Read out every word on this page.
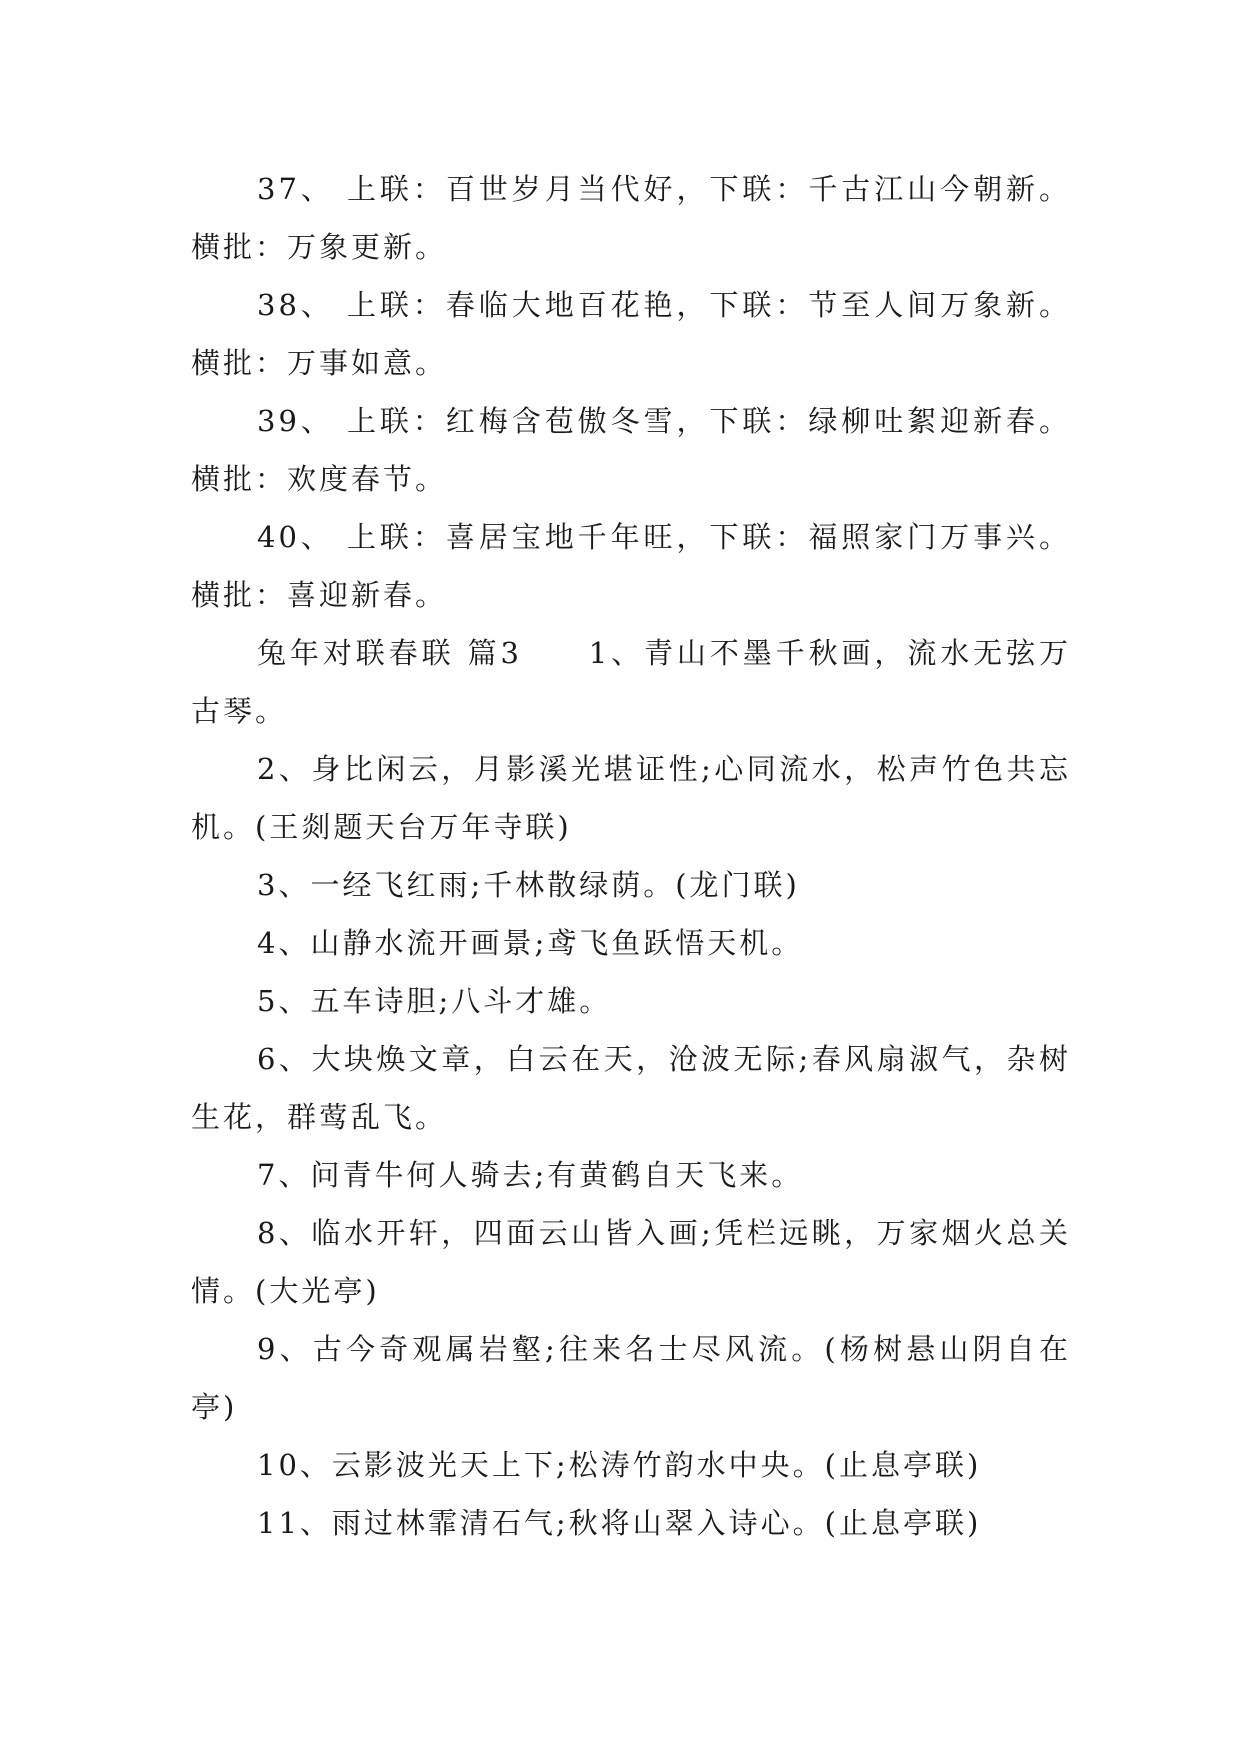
37、 上联：百世岁月当代好，下联：千古江山今朝新。横批：万象更新。

38、 上联：春临大地百花艳，下联：节至人间万象新。横批：万事如意。

39、 上联：红梅含苞傲冬雪，下联：绿柳吐絮迎新春。横批：欢度春节。

40、 上联：喜居宝地千年旺，下联：福照家门万事兴。横批：喜迎新春。

兔年对联春联 篇3　　1、青山不墨千秋画，流水无弦万古琴。

2、身比闲云，月影溪光堪证性;心同流水，松声竹色共忘机。(王剡题天台万年寺联)

3、一经飞红雨;千林散绿荫。(龙门联)

4、山静水流开画景;鸢飞鱼跃悟天机。

5、五车诗胆;八斗才雄。

6、大块焕文章，白云在天，沧波无际;春风扇淑气，杂树生花，群莺乱飞。

7、问青牛何人骑去;有黄鹤自天飞来。

8、临水开轩，四面云山皆入画;凭栏远眺，万家烟火总关情。(大光亭)

9、古今奇观属岩壑;往来名士尽风流。(杨树悬山阴自在亭)

10、云影波光天上下;松涛竹韵水中央。(止息亭联)

11、雨过林霏清石气;秋将山翠入诗心。(止息亭联)
